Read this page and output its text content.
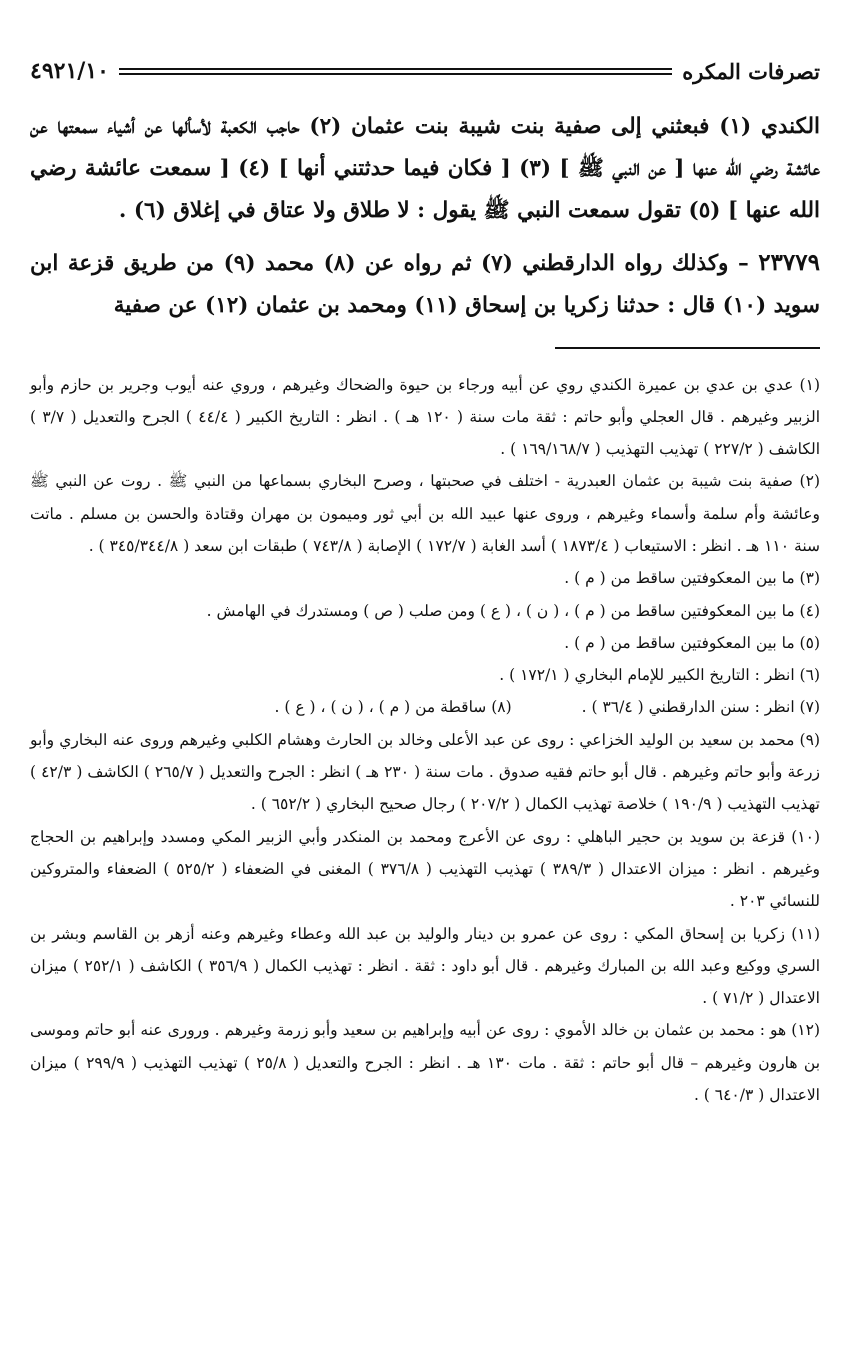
تصرفات المكره
٤٩٢١/١٠

الكندي (١) فبعثني إلى صفية بنت شيبة بنت عثمان (٢) حاجب الكعبة لأسألها عن أشياء سمعتها عن عائشة رضي الله عنها [ عن النبي ﷺ ] (٣) [ فكان فيما حدثتني أنها ] (٤) [ سمعت عائشة رضي الله عنها ] (٥) تقول سمعت النبي ﷺ يقول : لا طلاق ولا عتاق في إغلاق (٦) .

٢٣٧٧٩ – وكذلك رواه الدارقطني (٧) ثم رواه عن (٨) محمد (٩) من طريق قزعة ابن سويد (١٠) قال : حدثنا زكريا بن إسحاق (١١) ومحمد بن عثمان (١٢) عن صفية

(١) عدي بن عدي بن عميرة الكندي روي عن أبيه ورجاء بن حيوة والضحاك وغيرهم ، وروي عنه أيوب وجرير بن حازم وأبو الزبير وغيرهم . قال العجلي وأبو حاتم : ثقة مات سنة ( ١٢٠ هـ ) . انظر : التاريخ الكبير ( ٤٤/٤ ) الجرح والتعديل ( ٣/٧ ) الكاشف ( ٢٢٧/٢ ) تهذيب التهذيب ( ١٦٩/١٦٨/٧ ) .

(٢) صفية بنت شيبة بن عثمان العبدرية - اختلف في صحبتها ، وصرح البخاري بسماعها من النبي ﷺ . روت عن النبي ﷺ وعائشة وأم سلمة وأسماء وغيرهم ، وروى عنها عبيد الله بن أبي ثور وميمون بن مهران وقتادة والحسن بن مسلم . ماتت سنة ١١٠ هـ . انظر : الاستيعاب ( ١٨٧٣/٤ ) أسد الغابة ( ١٧٢/٧ ) الإصابة ( ٧٤٣/٨ ) طبقات ابن سعد ( ٣٤٥/٣٤٤/٨ ) .

(٣) ما بين المعكوفتين ساقط من ( م ) .

(٤) ما بين المعكوفتين ساقط من ( م ) ، ( ن ) ، ( ع ) ومن صلب ( ص ) ومستدرك في الهامش .

(٥) ما بين المعكوفتين ساقط من ( م ) .

(٦) انظر : التاريخ الكبير للإمام البخاري ( ١٧٢/١ ) .

(٧) انظر : سنن الدارقطني ( ٣٦/٤ ) .
(٨) ساقطة من ( م ) ، ( ن ) ، ( ع ) .

(٩) محمد بن سعيد بن الوليد الخزاعي : روى عن عبد الأعلى وخالد بن الحارث وهشام الكلبي وغيرهم وروى عنه البخاري وأبو زرعة وأبو حاتم وغيرهم . قال أبو حاتم فقيه صدوق . مات سنة ( ٢٣٠ هـ ) انظر : الجرح والتعديل ( ٢٦٥/٧ ) الكاشف ( ٤٢/٣ ) تهذيب التهذيب ( ١٩٠/٩ ) خلاصة تهذيب الكمال ( ٢٠٧/٢ ) رجال صحيح البخاري ( ٦٥٢/٢ ) .

(١٠) قزعة بن سويد بن حجير الباهلي : روى عن الأعرج ومحمد بن المنكدر وأبي الزبير المكي ومسدد وإبراهيم بن الحجاج وغيرهم . انظر : ميزان الاعتدال ( ٣٨٩/٣ ) تهذيب التهذيب ( ٣٧٦/٨ ) المغنى في الضعفاء ( ٥٢٥/٢ ) الضعفاء والمتروكين للنسائي ٢٠٣ .

(١١) زكريا بن إسحاق المكي : روى عن عمرو بن دينار والوليد بن عبد الله وعطاء وغيرهم وعنه أزهر بن القاسم وبشر بن السري ووكيع وعبد الله بن المبارك وغيرهم . قال أبو داود : ثقة . انظر : تهذيب الكمال ( ٣٥٦/٩ ) الكاشف ( ٢٥٢/١ ) ميزان الاعتدال ( ٧١/٢ ) .

(١٢) هو : محمد بن عثمان بن خالد الأموي : روى عن أبيه وإبراهيم بن سعيد وأبو زرمة وغيرهم . ورورى عنه أبو حاتم وموسى بن هارون وغيرهم – قال أبو حاتم : ثقة . مات ١٣٠ هـ . انظر : الجرح والتعديل ( ٢٥/٨ ) تهذيب التهذيب ( ٢٩٩/٩ ) ميزان الاعتدال ( ٦٤٠/٣ ) .
